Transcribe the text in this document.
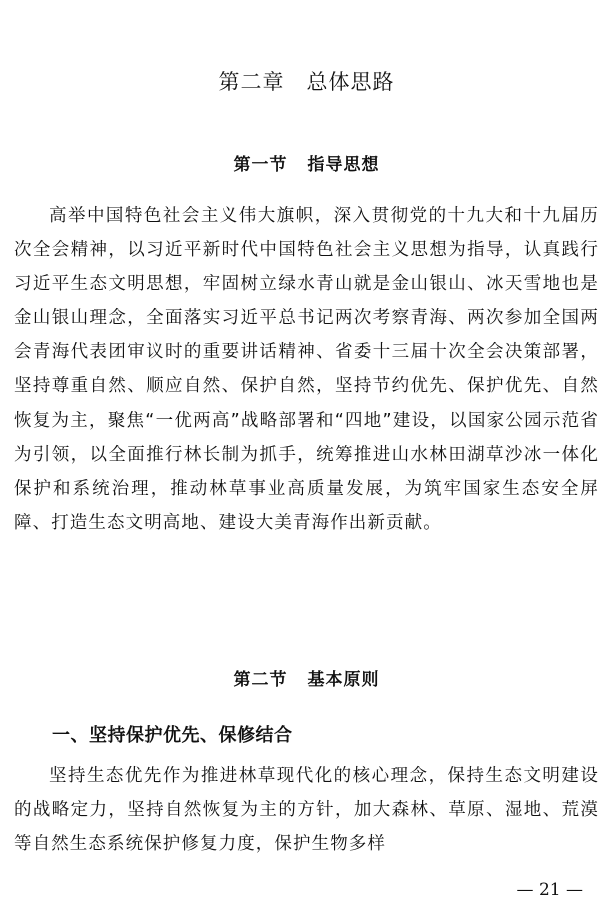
第二章 总体思路
第一节 指导思想

高举中国特色社会主义伟大旗帜，深入贯彻党的十九大和十九届历次全会精神，以习近平新时代中国特色社会主义思想为指导，认真践行习近平生态文明思想，牢固树立绿水青山就是金山银山、冰天雪地也是金山银山理念，全面落实习近平总书记两次考察青海、两次参加全国两会青海代表团审议时的重要讲话精神、省委十三届十次全会决策部署，坚持尊重自然、顺应自然、保护自然，坚持节约优先、保护优先、自然恢复为主，聚焦“一优两高”战略部署和“四地”建设，以国家公园示范省为引领，以全面推行林长制为抓手，统筹推进山水林田湖草沙冰一体化保护和系统治理，推动林草事业高质量发展，为筑牢国家生态安全屏障、打造生态文明高地、建设大美青海作出新贡献。

第二节 基本原则
一、坚持保护优先、保修结合

坚持生态优先作为推进林草现代化的核心理念，保持生态文明建设的战略定力，坚持自然恢复为主的方针，加大森林、草原、湿地、荒漠等自然生态系统保护修复力度，保护生物多样

— 21 —
